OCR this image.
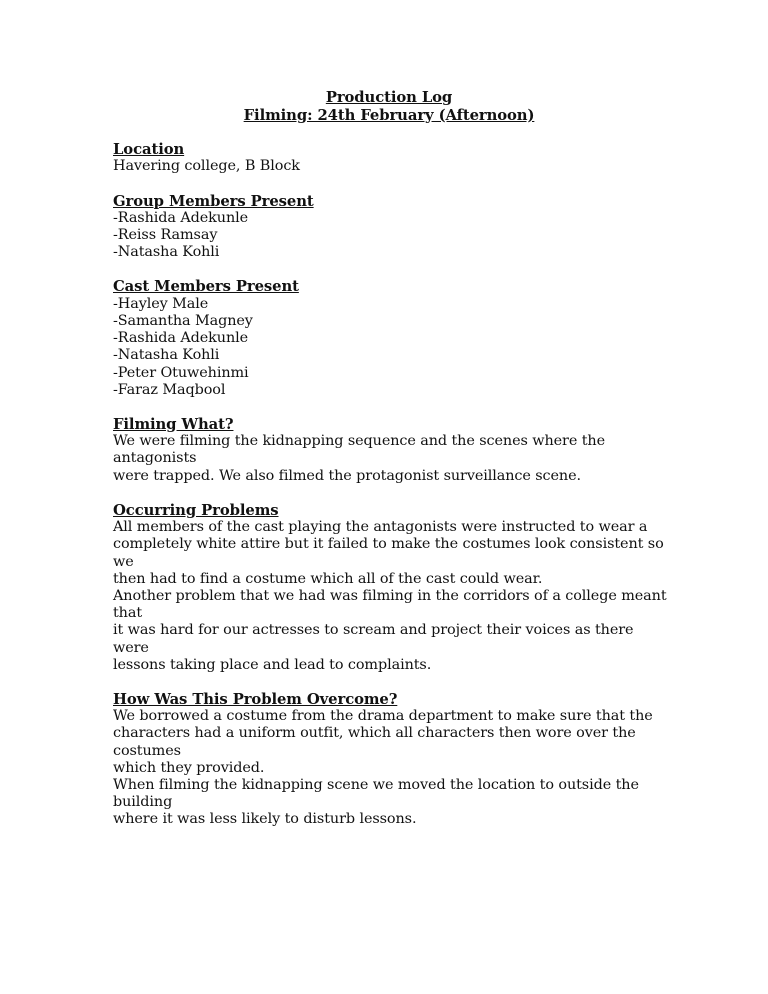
Production Log
Filming: 24th February (Afternoon)
Location
Havering college, B Block
Group Members Present
-Rashida Adekunle
-Reiss Ramsay
-Natasha Kohli
Cast Members Present
-Hayley Male
-Samantha Magney
-Rashida Adekunle
-Natasha Kohli
-Peter Otuwehinmi
-Faraz Maqbool
Filming What?
We were filming the kidnapping sequence and the scenes where the antagonists
were trapped. We also filmed the protagonist surveillance scene.
Occurring Problems
All members of the cast playing the antagonists were instructed to wear a
completely white attire but it failed to make the costumes look consistent so we
then had to find a costume which all of the cast could wear.
Another problem that we had was filming in the corridors of a college meant that
it was hard for our actresses to scream and project their voices as there were
lessons taking place and lead to complaints.
How Was This Problem Overcome?
We borrowed a costume from the drama department to make sure that the
characters had a uniform outfit, which all characters then wore over the costumes
which they provided.
When filming the kidnapping scene we moved the location to outside the building
where it was less likely to disturb lessons.
